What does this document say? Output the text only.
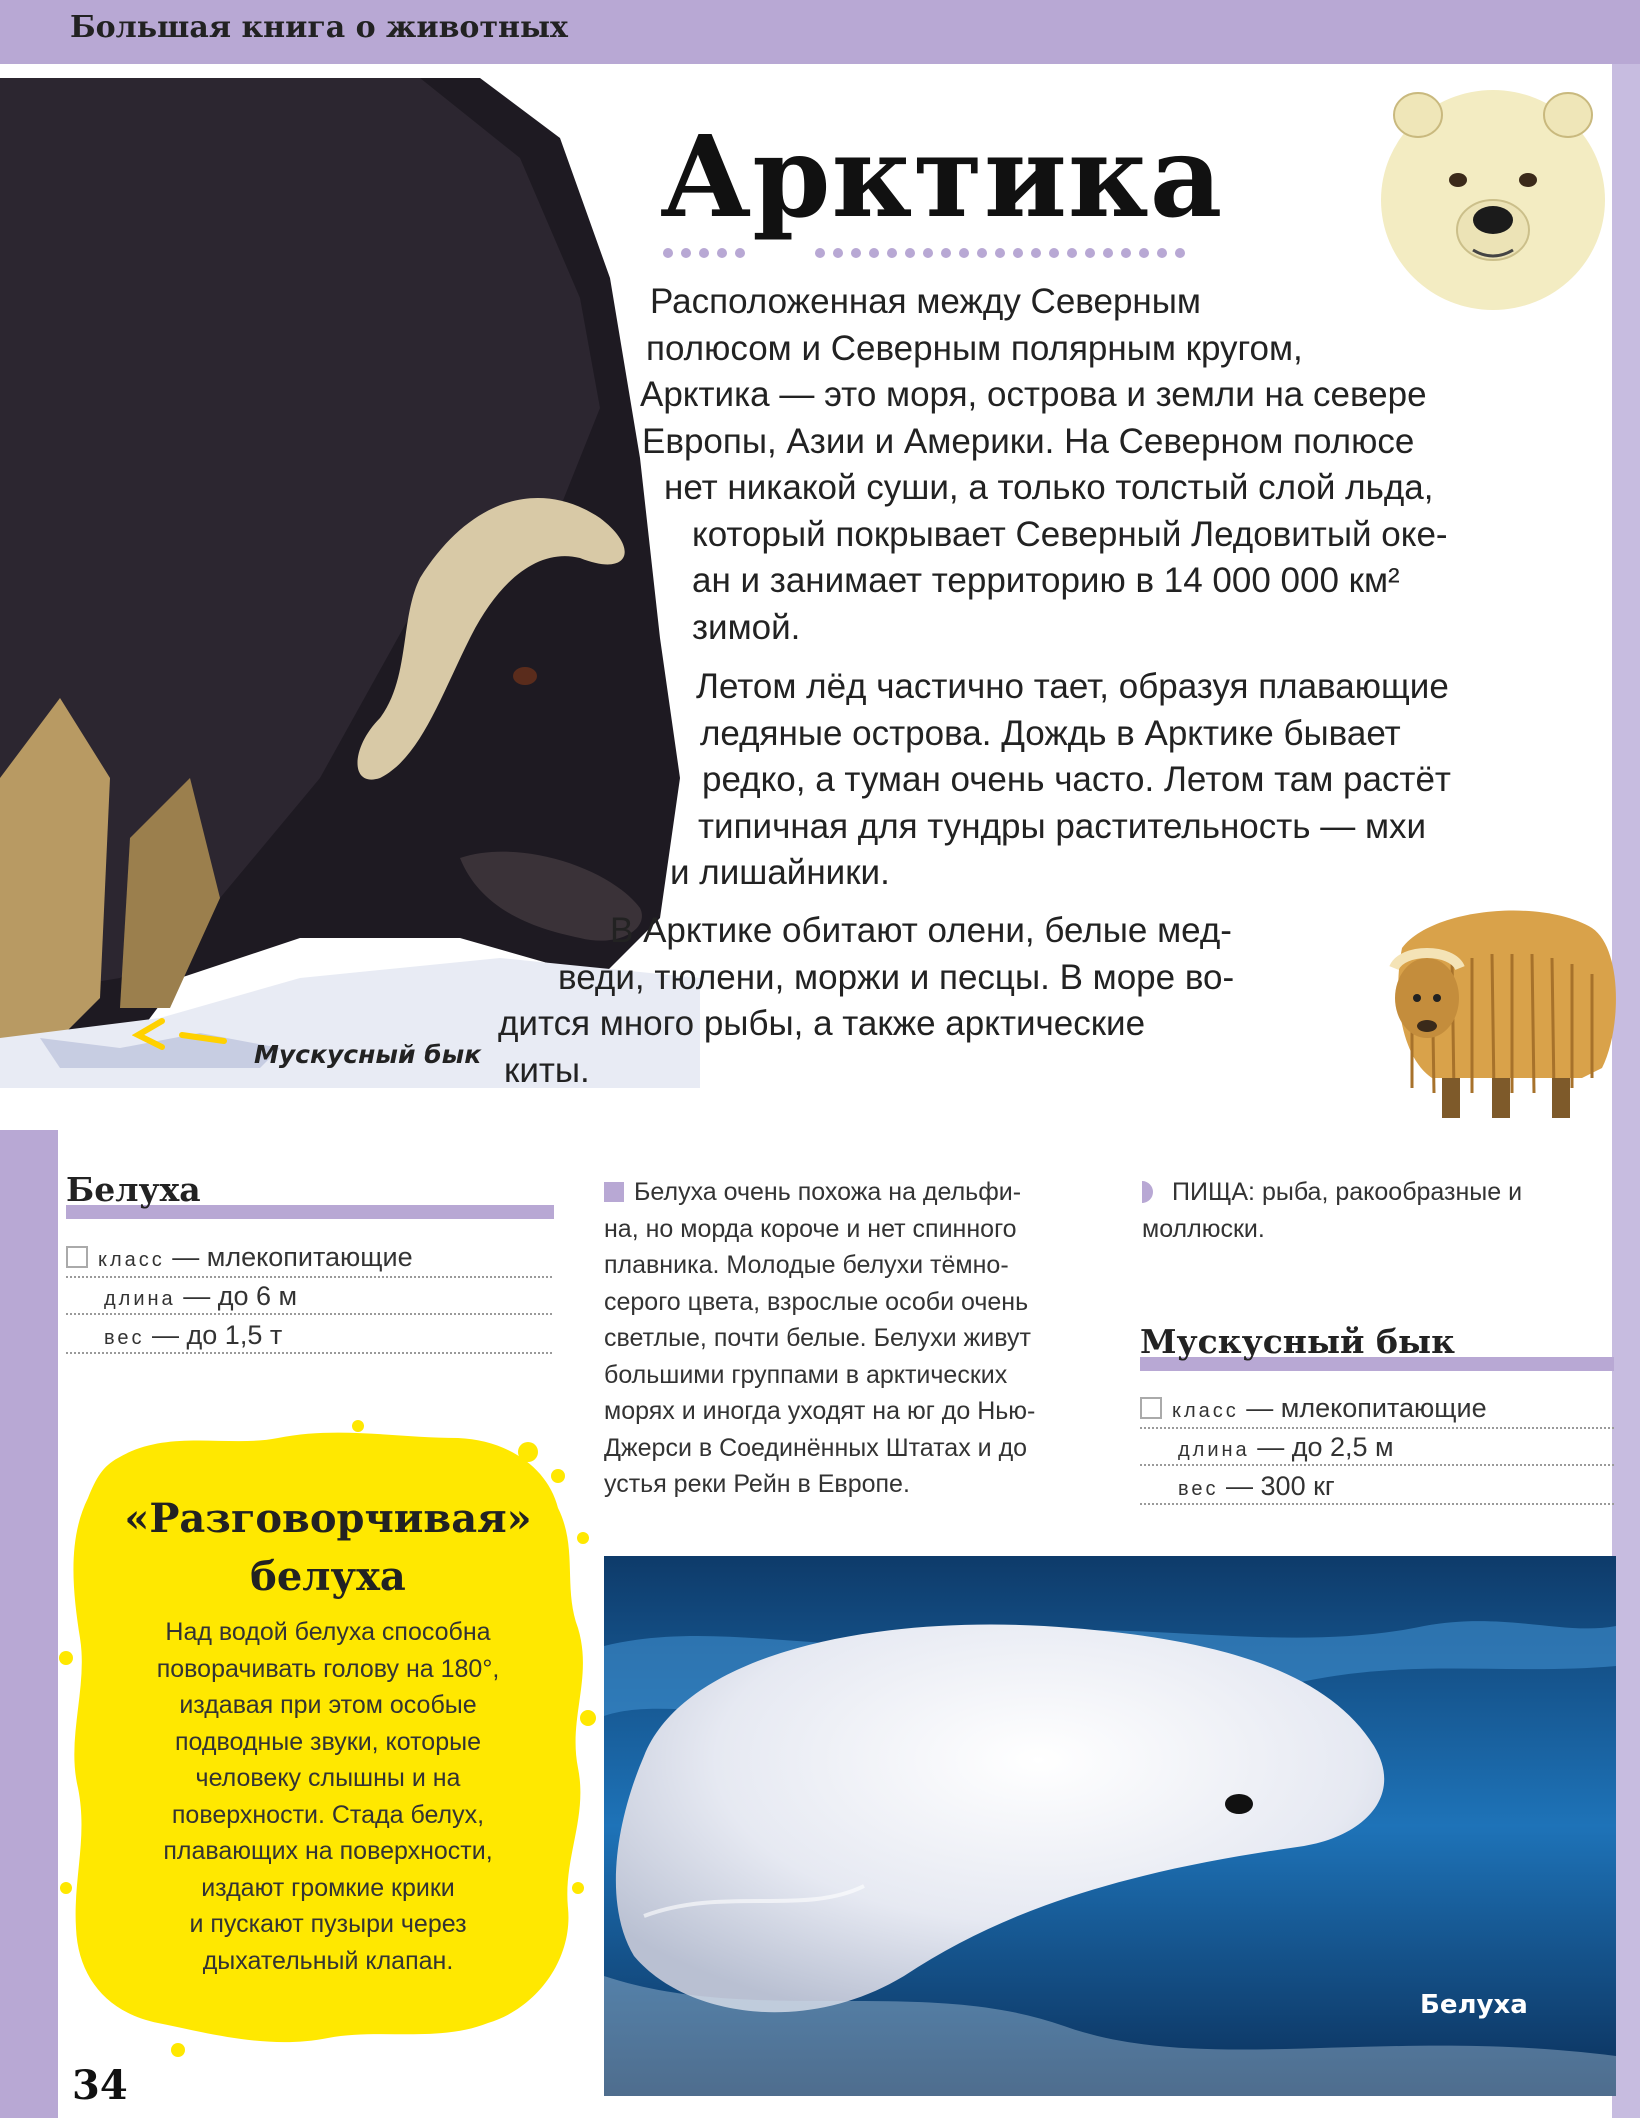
Большая книга о животных
Мускусный бык
Арктика
Расположенная между Северным
полюсом и Северным полярным кругом,
Арктика — это моря, острова и земли на севере
Европы, Азии и Америки. На Северном полюсе
нет никакой суши, а только толстый слой льда,
который покрывает Северный Ледовитый оке-
ан и занимает территорию в 14 000 000 км²
зимой.
Летом лёд частично тает, образуя плавающие
ледяные острова. Дождь в Арктике бывает
редко, а туман очень часто. Летом там растёт
типичная для тундры растительность — мхи
и лишайники.
В Арктике обитают олени, белые мед-
веди, тюлени, моржи и песцы. В море во-
дится много рыбы, а также арктические
киты.
Белуха
класс — млекопитающие
длина — до 6 м
вес — до 1,5 т
Белуха очень похожа на дельфи-
на, но морда короче и нет спинного
плавника. Молодые белухи тёмно-
серого цвета, взрослые особи очень
светлые, почти белые. Белухи живут
большими группами в арктических
морях и иногда уходят на юг до Нью-
Джерси в Соединённых Штатах и до
устья реки Рейн в Европе.
ПИЩА: рыба, ракообразные и
моллюски.
Мускусный бык
класс — млекопитающие
длина — до 2,5 м
вес — 300 кг
«Разговорчивая»
белуха
Над водой белуха способна
поворачивать голову на 180°,
издавая при этом особые
подводные звуки, которые
человеку слышны и на
поверхности. Стада белух,
плавающих на поверхности,
издают громкие крики
и пускают пузыри через
дыхательный клапан.
Белуха
34
